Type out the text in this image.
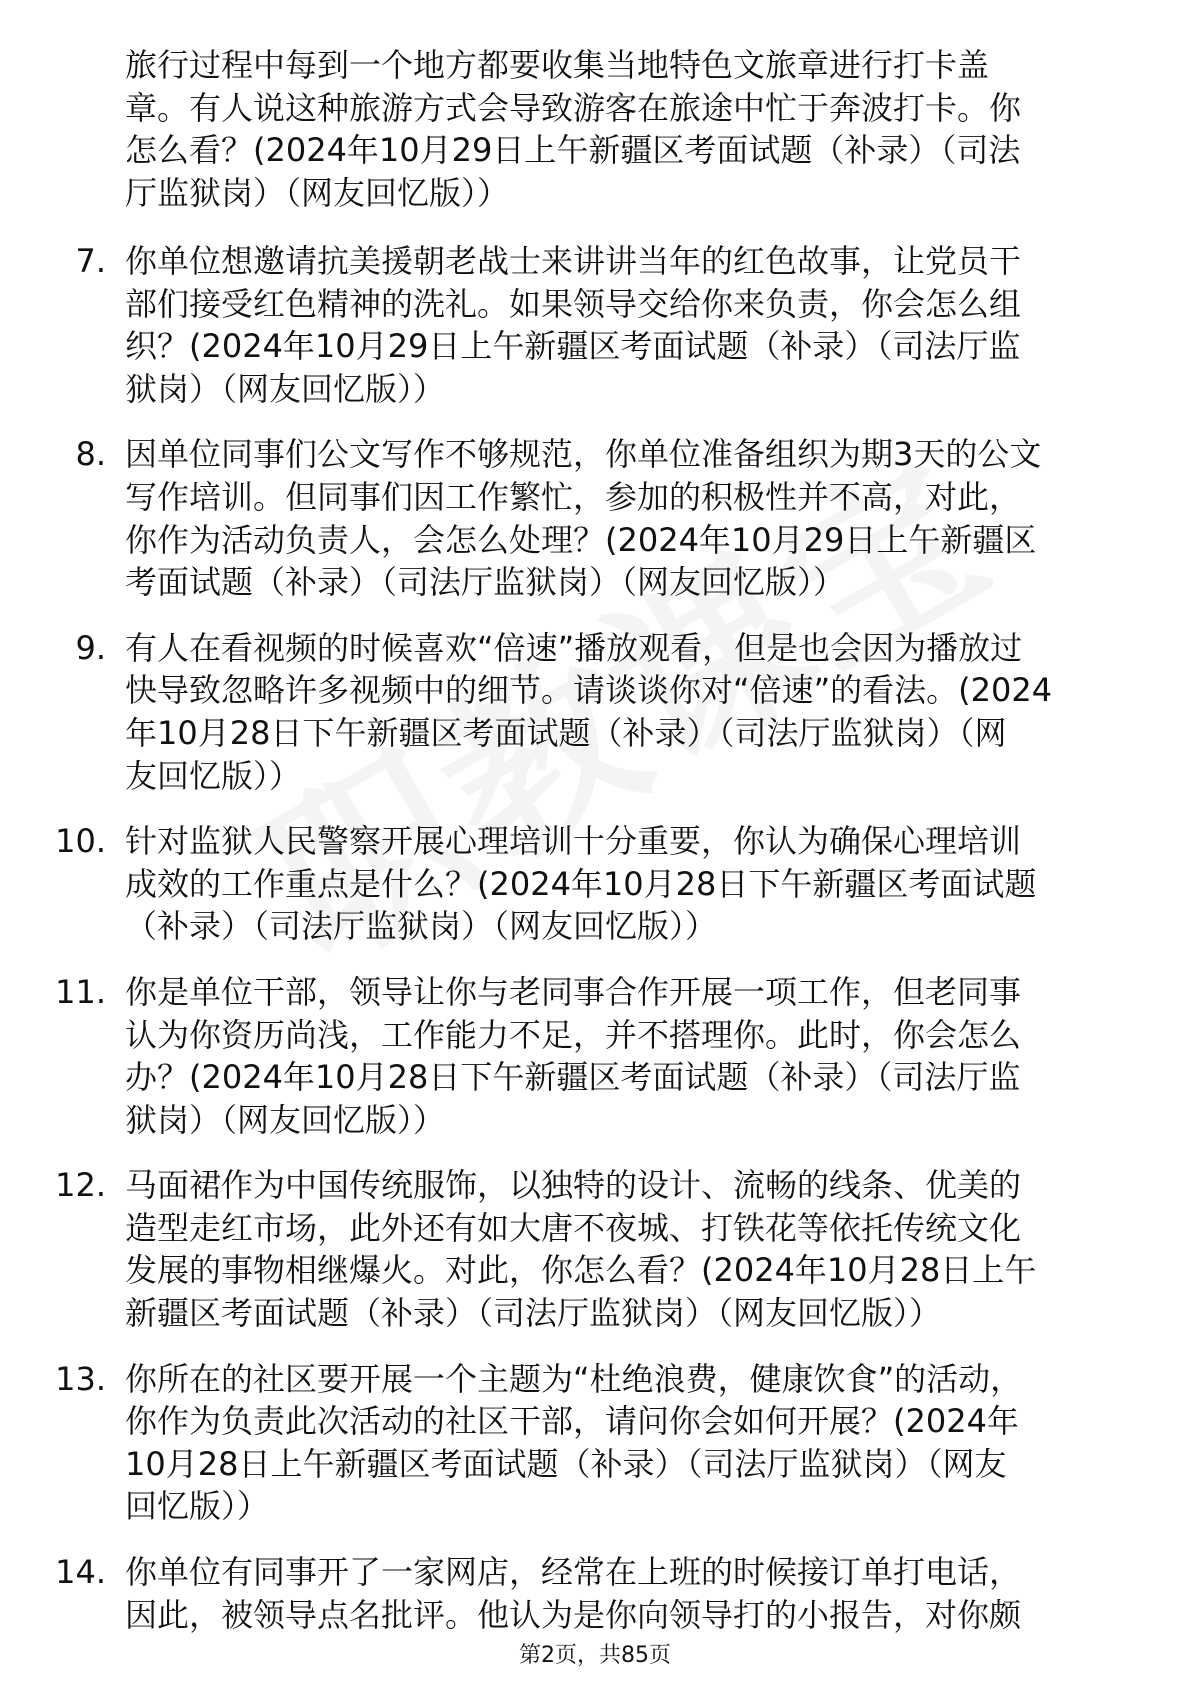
旅行过程中每到一个地方都要收集当地特色文旅章进行打卡盖
章。有人说这种旅游方式会导致游客在旅途中忙于奔波打卡。你
怎么看？(2024年10月29日上午新疆区考面试题（补录）（司法
厅监狱岗）（网友回忆版））
7. 你单位想邀请抗美援朝老战士来讲讲当年的红色故事，让党员干
部们接受红色精神的洗礼。如果领导交给你来负责，你会怎么组
织？(2024年10月29日上午新疆区考面试题（补录）（司法厅监
狱岗）（网友回忆版））
8. 因单位同事们公文写作不够规范，你单位准备组织为期3天的公文
写作培训。但同事们因工作繁忙，参加的积极性并不高，对此，
你作为活动负责人，会怎么处理？(2024年10月29日上午新疆区
考面试题（补录）（司法厅监狱岗）（网友回忆版））
9. 有人在看视频的时候喜欢“倍速”播放观看，但是也会因为播放过
快导致忽略许多视频中的细节。请谈谈你对“倍速”的看法。(2024
年10月28日下午新疆区考面试题（补录）（司法厅监狱岗）（网
友回忆版））
10. 针对监狱人民警察开展心理培训十分重要，你认为确保心理培训
成效的工作重点是什么？(2024年10月28日下午新疆区考面试题
（补录）（司法厅监狱岗）（网友回忆版））
11. 你是单位干部，领导让你与老同事合作开展一项工作，但老同事
认为你资历尚浅，工作能力不足，并不搭理你。此时，你会怎么
办？(2024年10月28日下午新疆区考面试题（补录）（司法厅监
狱岗）（网友回忆版））
12. 马面裙作为中国传统服饰，以独特的设计、流畅的线条、优美的
造型走红市场，此外还有如大唐不夜城、打铁花等依托传统文化
发展的事物相继爆火。对此，你怎么看？(2024年10月28日上午
新疆区考面试题（补录）（司法厅监狱岗）（网友回忆版））
13. 你所在的社区要开展一个主题为“杜绝浪费，健康饮食”的活动，
你作为负责此次活动的社区干部，请问你会如何开展？(2024年
10月28日上午新疆区考面试题（补录）（司法厅监狱岗）（网友
回忆版））
14. 你单位有同事开了一家网店，经常在上班的时候接订单打电话，
因此，被领导点名批评。他认为是你向领导打的小报告，对你颇
第2页，共85页
